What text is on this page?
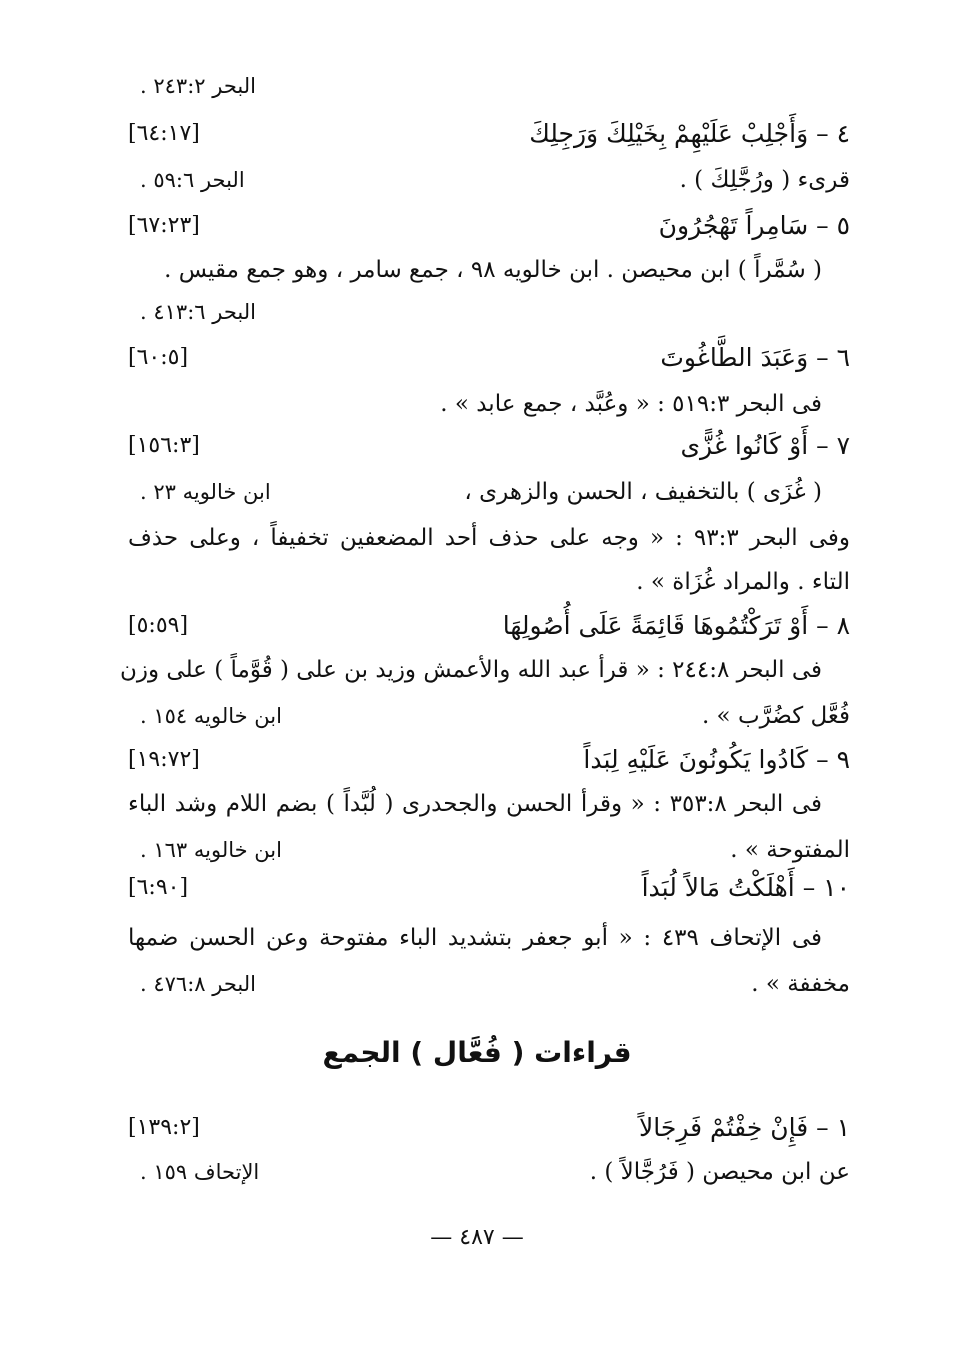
البحر ٢٤٣:٢ .
٤ – وَأَجْلِبْ عَلَيْهِمْ بِخَيْلِكَ وَرَجِلِكَ
[٦٤:١٧]
قرىء ( ورُجَّلِكَ ) .
البحر ٥٩:٦ .
٥ – سَامِراً تَهْجُرُونَ
[٦٧:٢٣]
( سُمَّراً ) ابن محيصن . ابن خالويه ٩٨ ، جمع سامر ، وهو جمع مقيس .
البحر ٤١٣:٦ .
٦ – وَعَبَدَ الطَّاغُوتَ
[٦٠:٥]
فى البحر ٥١٩:٣ : « وعُبَّد ، جمع عابد » .
٧ – أَوْ كَانُوا غُزًّى
[١٥٦:٣]
( غُزَى ) بالتخفيف ، الحسن والزهرى ،
ابن خالويه ٢٣ .
وفى البحر ٩٣:٣ : « وجه على حذف أحد المضعفين تخفيفاً ، وعلى حذف
التاء . والمراد غُزَاة » .
٨ – أَوْ تَرَكْتُمُوهَا قَائِمَةً عَلَى أُصُولِهَا
[٥:٥٩]
فى البحر ٢٤٤:٨ : « قرأ عبد الله والأعمش وزيد بن على ( قُوَّماً ) على وزن
فُعَّل كضُرَّب » .
ابن خالويه ١٥٤ .
٩ – كَادُوا يَكُونُونَ عَلَيْهِ لِبَداً
[١٩:٧٢]
فى البحر ٣٥٣:٨ : « وقرأ الحسن والجحدرى ( لُبَّداً ) بضم اللام وشد الباء
المفتوحة » .
ابن خالويه ١٦٣ .
١٠ – أَهْلَكْتُ مَالاً لُبَداً
[٦:٩٠]
فى الإتحاف ٤٣٩ : « أبو جعفر بتشديد الباء مفتوحة وعن الحسن ضمها
مخففة » .
البحر ٤٧٦:٨ .
قراءات ( فُعَّال ) الجمع
١ – فَإِنْ خِفْتُمْ فَرِجَالاً
[١٣٩:٢]
عن ابن محيصن ( فَرُجَّالاً ) .
الإتحاف ١٥٩ .
— ٤٨٧ —
